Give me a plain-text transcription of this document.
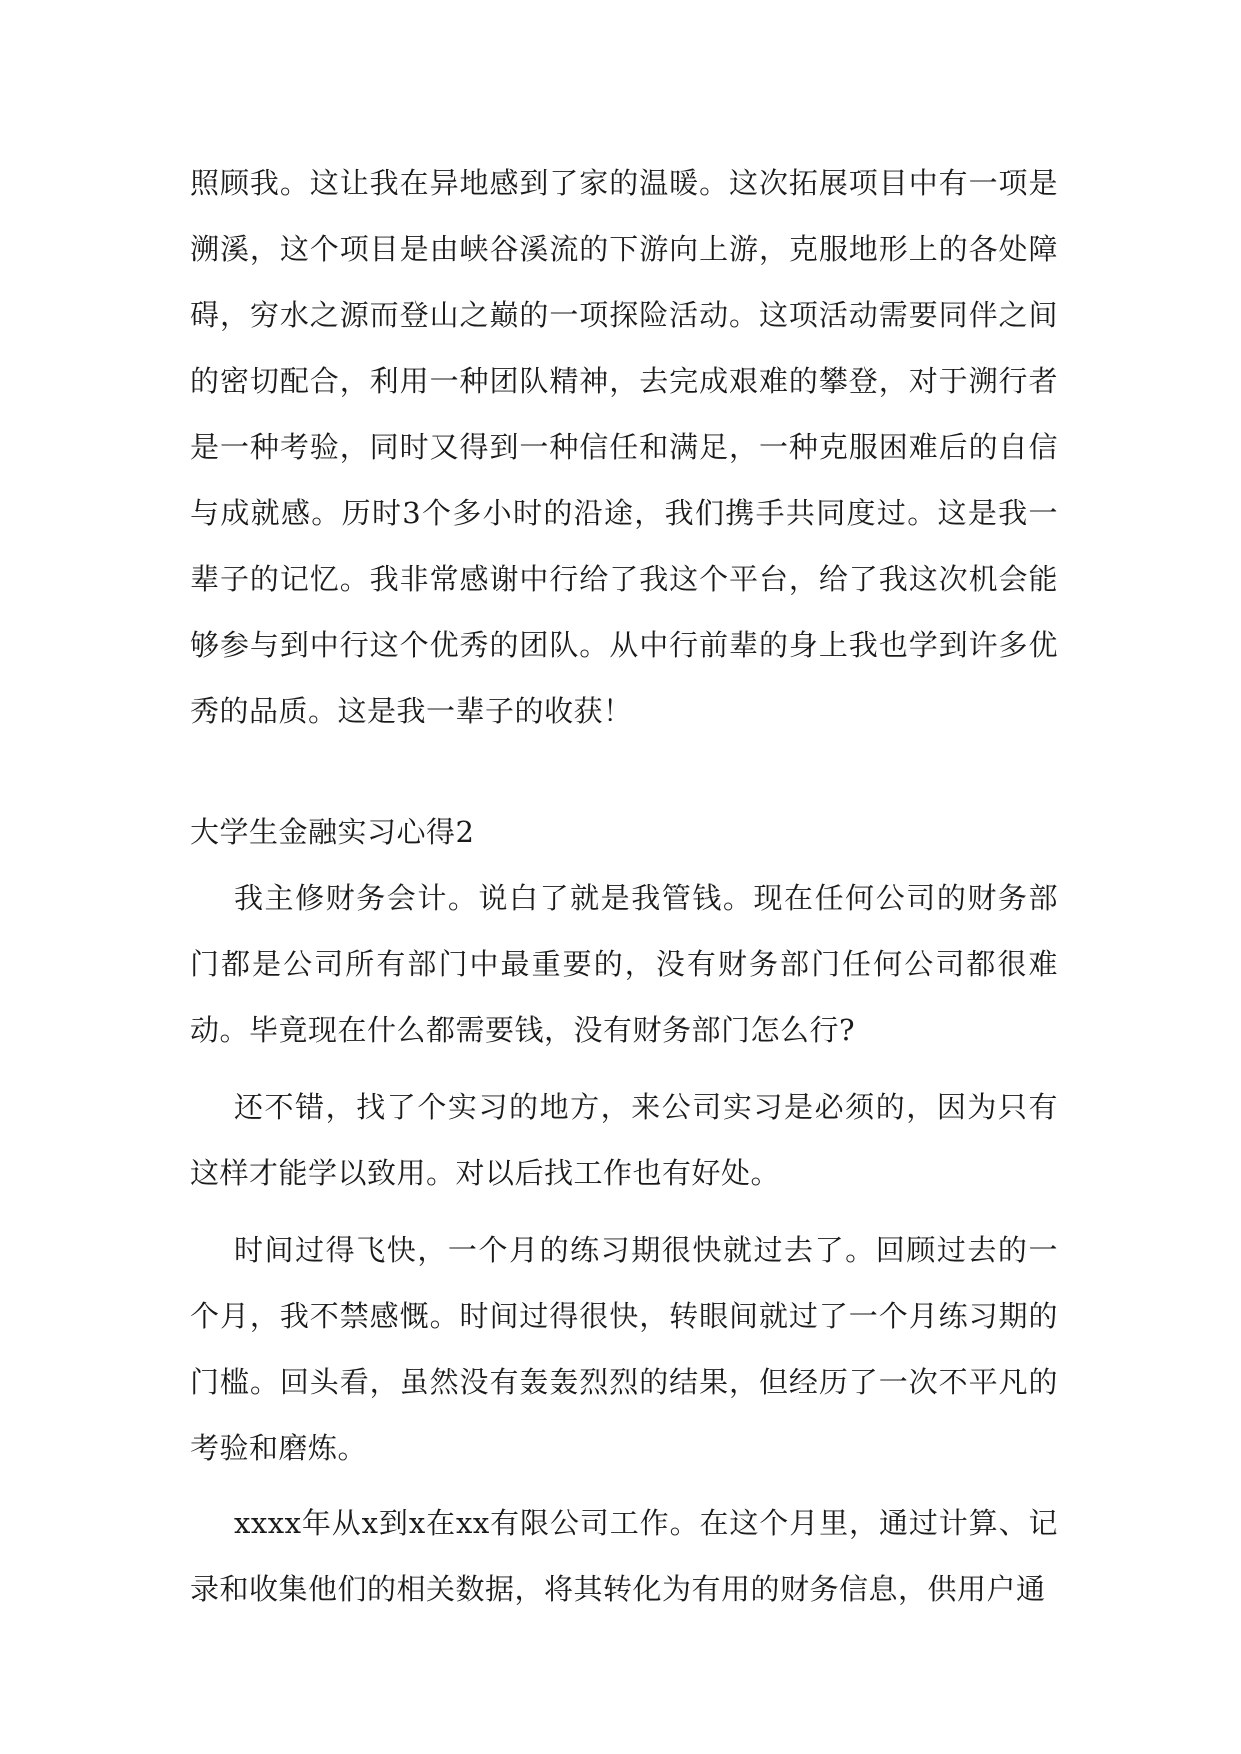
照顾我。这让我在异地感到了家的温暖。这次拓展项目中有一项是溯溪，这个项目是由峡谷溪流的下游向上游，克服地形上的各处障碍，穷水之源而登山之巅的一项探险活动。这项活动需要同伴之间的密切配合，利用一种团队精神，去完成艰难的攀登，对于溯行者是一种考验，同时又得到一种信任和满足，一种克服困难后的自信与成就感。历时3个多小时的沿途，我们携手共同度过。这是我一辈子的记忆。我非常感谢中行给了我这个平台，给了我这次机会能够参与到中行这个优秀的团队。从中行前辈的身上我也学到许多优秀的品质。这是我一辈子的收获！

大学生金融实习心得2

我主修财务会计。说白了就是我管钱。现在任何公司的财务部门都是公司所有部门中最重要的，没有财务部门任何公司都很难动。毕竟现在什么都需要钱，没有财务部门怎么行?

还不错，找了个实习的地方，来公司实习是必须的，因为只有这样才能学以致用。对以后找工作也有好处。

时间过得飞快，一个月的练习期很快就过去了。回顾过去的一个月，我不禁感慨。时间过得很快，转眼间就过了一个月练习期的门槛。回头看，虽然没有轰轰烈烈的结果，但经历了一次不平凡的考验和磨炼。

xxxx年从x到x在xx有限公司工作。在这个月里，通过计算、记录和收集他们的相关数据，将其转化为有用的财务信息，供用户通
